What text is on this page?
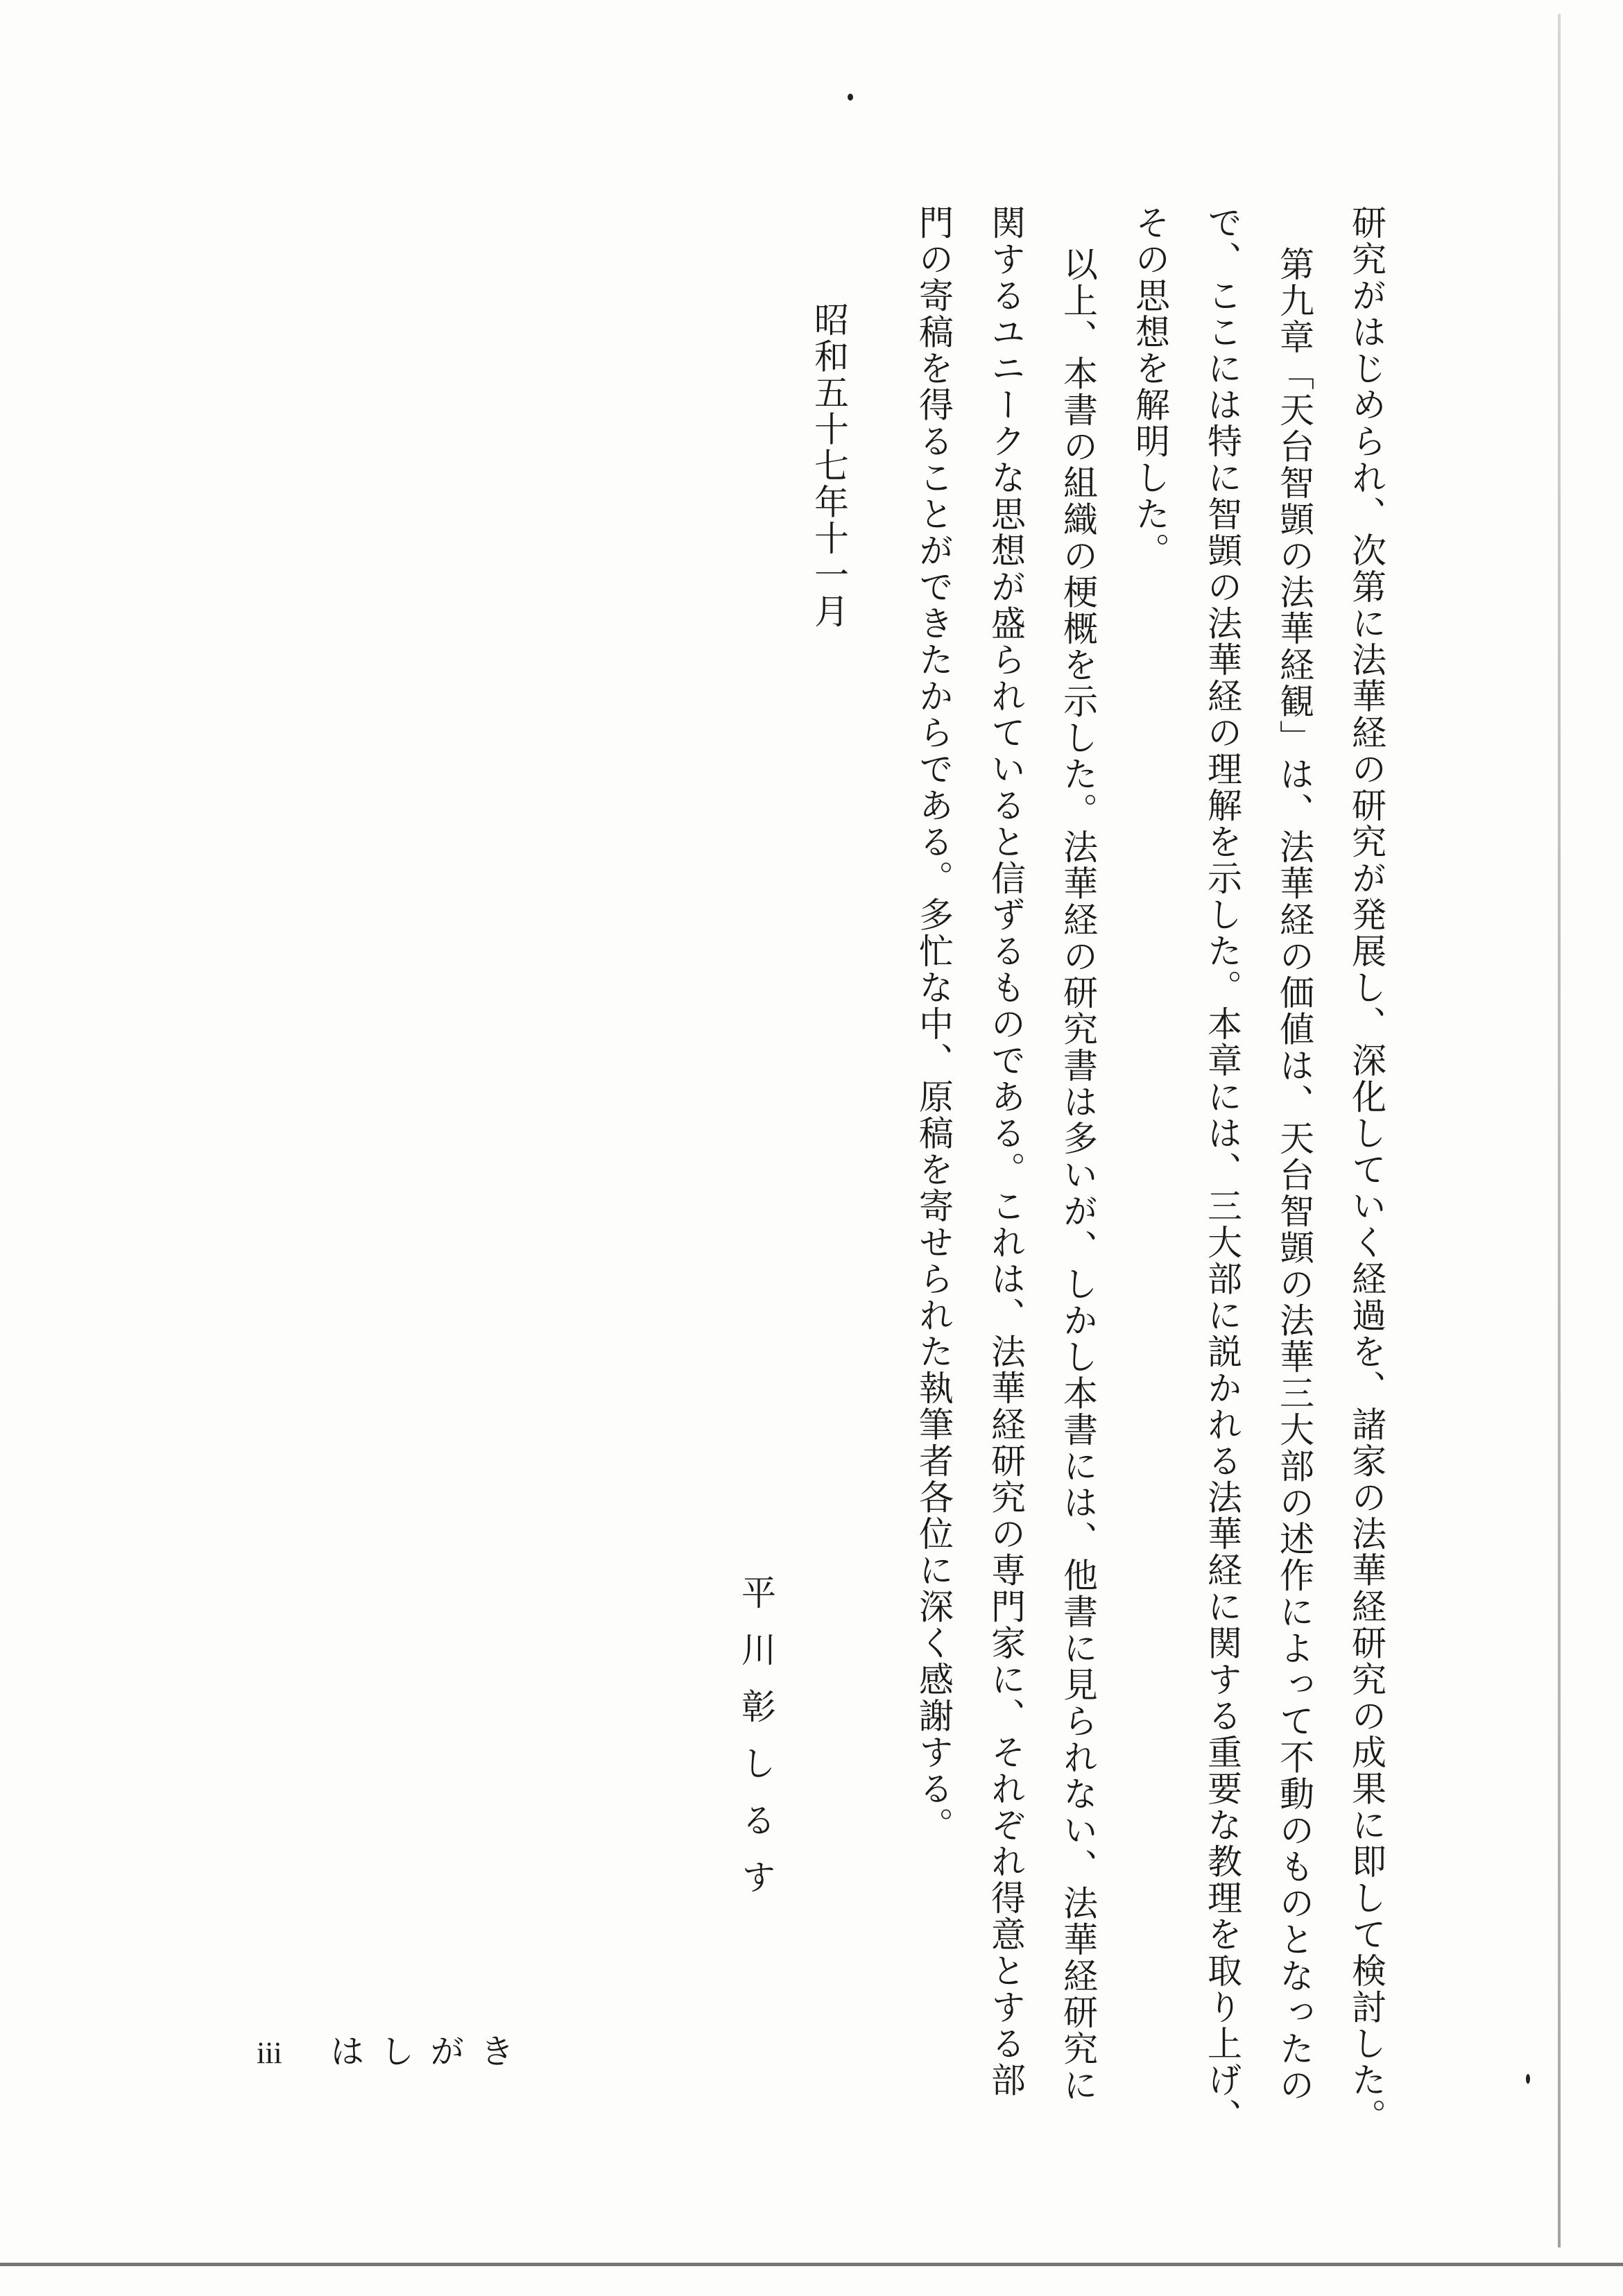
研究がはじめられ、次第に法華経の研究が発展し、深化していく経過を、諸家の法華経研究の成果に即して検討した。

第九章「天台智顗の法華経観」は、法華経の価値は、天台智顗の法華三大部の述作によって不動のものとなったの

で、ここには特に智顗の法華経の理解を示した。本章には、三大部に説かれる法華経に関する重要な教理を取り上げ、

その思想を解明した。

以上、本書の組織の梗概を示した。法華経の研究書は多いが、しかし本書には、他書に見られない、法華経研究に

関するユニークな思想が盛られていると信ずるものである。これは、法華経研究の専門家に、それぞれ得意とする部

門の寄稿を得ることができたからである。多忙な中、原稿を寄せられた執筆者各位に深く感謝する。

昭和五十七年十一月
平川彰しるす
iii はしがき
